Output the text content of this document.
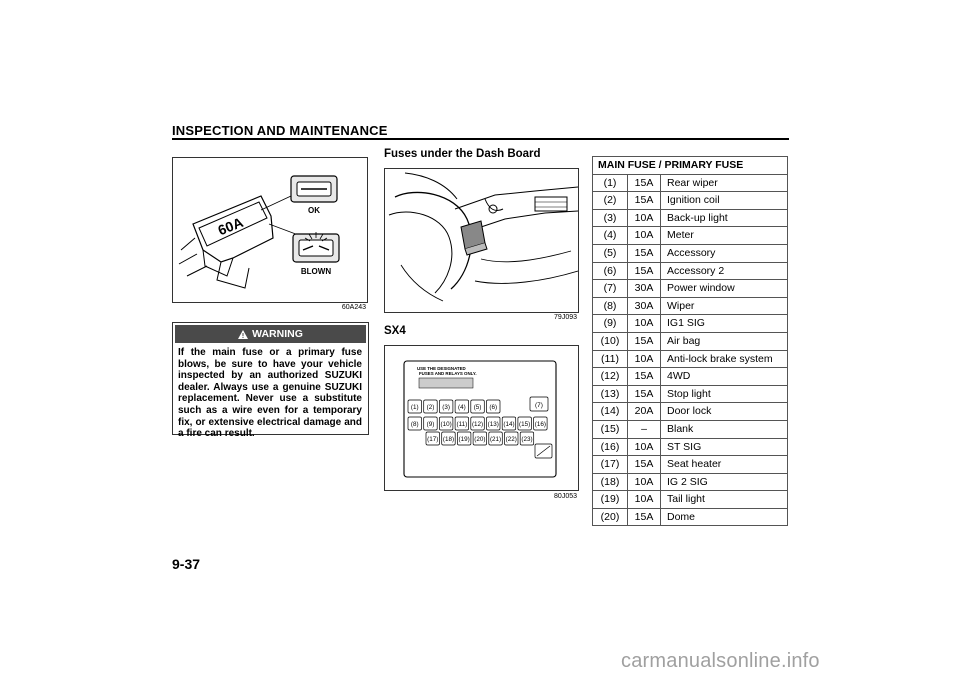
INSPECTION AND MAINTENANCE
60A
OK
BLOWN
60A243
WARNING
If the main fuse or a primary fuse blows, be sure to have your vehicle inspected by an authorized SUZUKI dealer. Always use a genuine SUZUKI replacement. Never use a substitute such as a wire even for a temporary fix, or extensive electrical damage and a fire can result.
Fuses under the Dash Board
79J093
SX4
USE THE DESIGNATED
FUSES AND RELAYS ONLY.
(1) (2) (3) (4) (5) (6)
(8) (9) (10) (11) (12) (13) (14) (15) (16)
(17) (18) (19) (20) (21) (22) (23)
(7)
80J053
MAIN FUSE / PRIMARY FUSE		
(1)	15A	Rear wiper
(2)	15A	Ignition coil
(3)	10A	Back-up light
(4)	10A	Meter
(5)	15A	Accessory
(6)	15A	Accessory 2
(7)	30A	Power window
(8)	30A	Wiper
(9)	10A	IG1 SIG
(10)	15A	Air bag
(11)	10A	Anti-lock brake system
(12)	15A	4WD
(13)	15A	Stop light
(14)	20A	Door lock
(15)	–	Blank
(16)	10A	ST SIG
(17)	15A	Seat heater
(18)	10A	IG 2 SIG
(19)	10A	Tail light
(20)	15A	Dome
9-37
carmanualsonline.info
